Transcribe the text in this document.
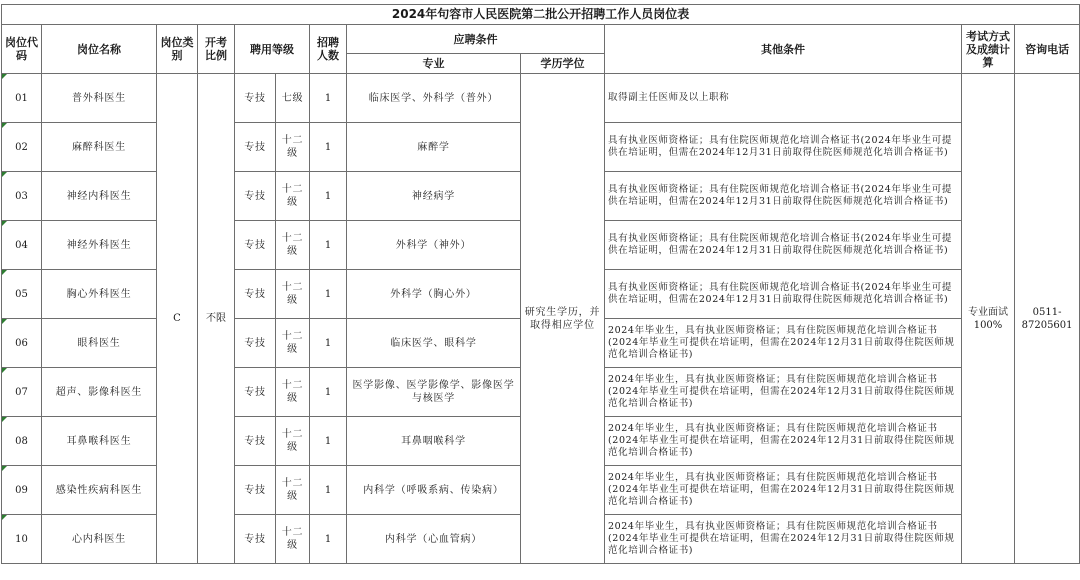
2024年句容市人民医院第二批公开招聘工作人员岗位表											
岗位代码	岗位名称	岗位类别	开考比例	聘用等级		招聘人数	应聘条件		其他条件	考试方式及成绩计算	咨询电话
							专业	学历学位			
01	普外科医生	C	不限	专技	七级	1	临床医学、外科学（普外）	研究生学历，并取得相应学位	取得副主任医师及以上职称	专业面试100%	0511-87205601
02	麻醉科医生			专技	十二级	1	麻醉学		具有执业医师资格证；具有住院医师规范化培训合格证书(2024年毕业生可提供在培证明，但需在2024年12月31日前取得住院医师规范化培训合格证书)		
03	神经内科医生			专技	十二级	1	神经病学		具有执业医师资格证；具有住院医师规范化培训合格证书(2024年毕业生可提供在培证明，但需在2024年12月31日前取得住院医师规范化培训合格证书)		
04	神经外科医生			专技	十二级	1	外科学（神外）		具有执业医师资格证；具有住院医师规范化培训合格证书(2024年毕业生可提供在培证明，但需在2024年12月31日前取得住院医师规范化培训合格证书)		
05	胸心外科医生			专技	十二级	1	外科学（胸心外）		具有执业医师资格证；具有住院医师规范化培训合格证书(2024年毕业生可提供在培证明，但需在2024年12月31日前取得住院医师规范化培训合格证书)		
06	眼科医生			专技	十二级	1	临床医学、眼科学		2024年毕业生，具有执业医师资格证；具有住院医师规范化培训合格证书(2024年毕业生可提供在培证明，但需在2024年12月31日前取得住院医师规范化培训合格证书)		
07	超声、影像科医生			专技	十二级	1	医学影像、医学影像学、影像医学与核医学		2024年毕业生，具有执业医师资格证；具有住院医师规范化培训合格证书(2024年毕业生可提供在培证明，但需在2024年12月31日前取得住院医师规范化培训合格证书)		
08	耳鼻喉科医生			专技	十二级	1	耳鼻咽喉科学		2024年毕业生，具有执业医师资格证；具有住院医师规范化培训合格证书(2024年毕业生可提供在培证明，但需在2024年12月31日前取得住院医师规范化培训合格证书)		
09	感染性疾病科医生			专技	十二级	1	内科学（呼吸系病、传染病）		2024年毕业生，具有执业医师资格证；具有住院医师规范化培训合格证书(2024年毕业生可提供在培证明，但需在2024年12月31日前取得住院医师规范化培训合格证书)		
10	心内科医生			专技	十二级	1	内科学（心血管病）		2024年毕业生，具有执业医师资格证；具有住院医师规范化培训合格证书(2024年毕业生可提供在培证明，但需在2024年12月31日前取得住院医师规范化培训合格证书)		
